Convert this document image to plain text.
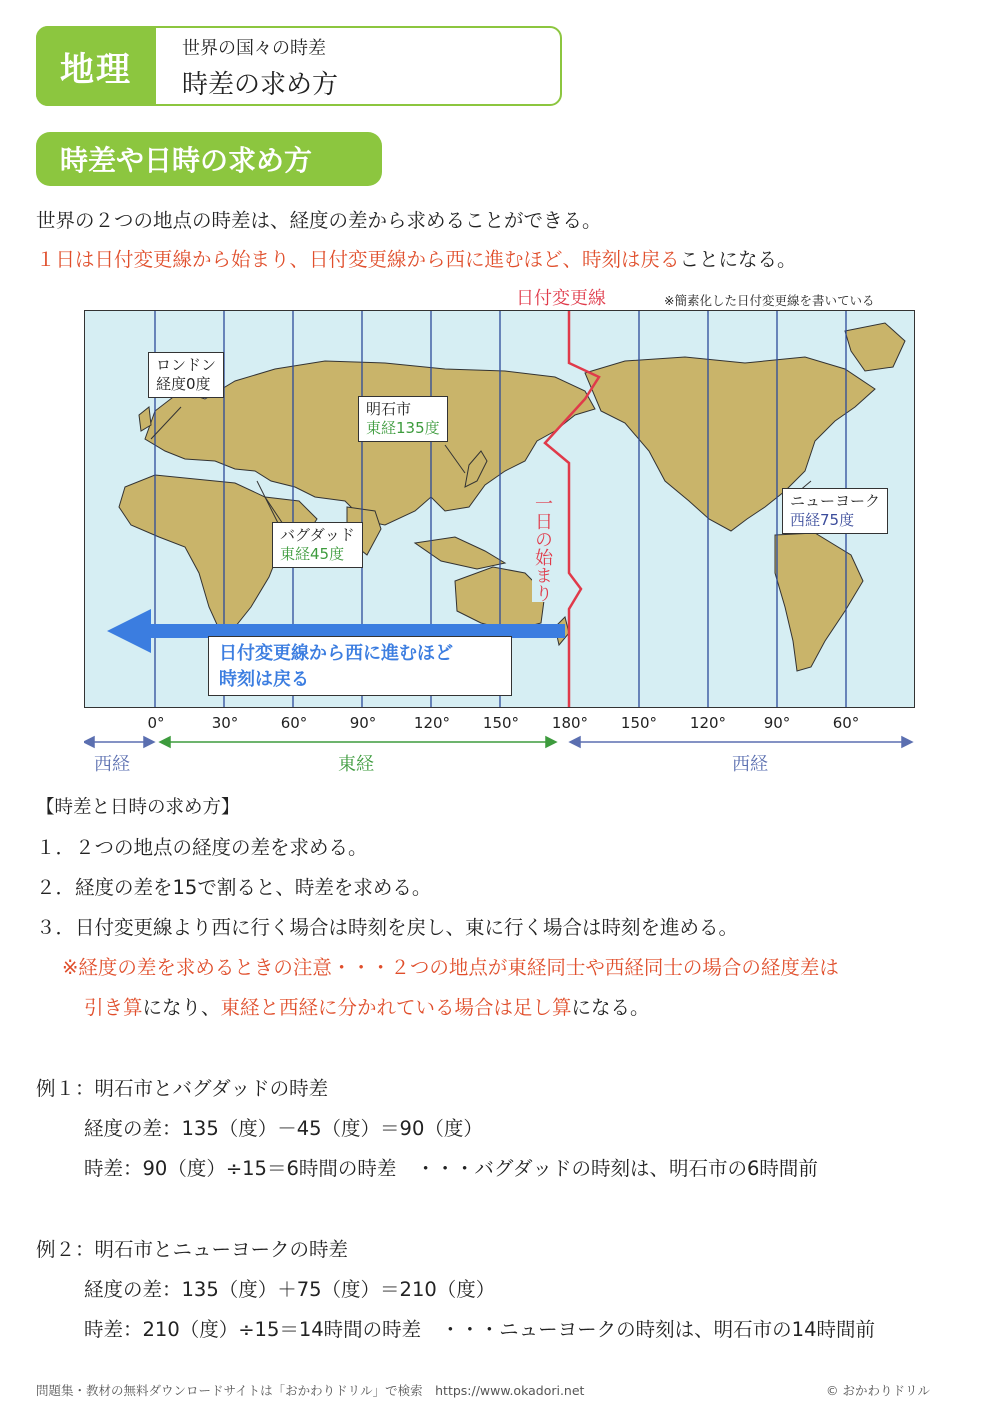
地理
世界の国々の時差
時差の求め方
時差や日時の求め方
世界の２つの地点の時差は、経度の差から求めることができる。
１日は日付変更線から始まり、日付変更線から西に進むほど、時刻は戻ることになる。
日付変更線	※簡素化した日付変更線を書いている
ロンドン
経度0度
明石市
東経135度
バグダッド
東経45度
ニューヨーク
西経75度
一日の始まり
日付変更線から西に進むほど
時刻は戻る
0°	30°	60°	90°	120° 150° 180° 150° 120°	90°	60°
西経	東経	西経
【時差と日時の求め方】
１．２つの地点の経度の差を求める。
２．経度の差を15で割ると、時差を求める。
３．日付変更線より西に行く場合は時刻を戻し、東に行く場合は時刻を進める。
※経度の差を求めるときの注意・・・２つの地点が東経同士や西経同士の場合の経度差は
引き算になり、東経と西経に分かれている場合は足し算になる。
例１：明石市とバグダッドの時差
経度の差：135（度）－45（度）＝90（度）
時差：90（度）÷15＝6時間の時差　・・・バグダッドの時刻は、明石市の6時間前
例２：明石市とニューヨークの時差
経度の差：135（度）＋75（度）＝210（度）
時差：210（度）÷15＝14時間の時差　・・・ニューヨークの時刻は、明石市の14時間前
問題集・教材の無料ダウンロードサイトは「おかわりドリル」で検索　https://www.okadori.net	© おかわりドリル
